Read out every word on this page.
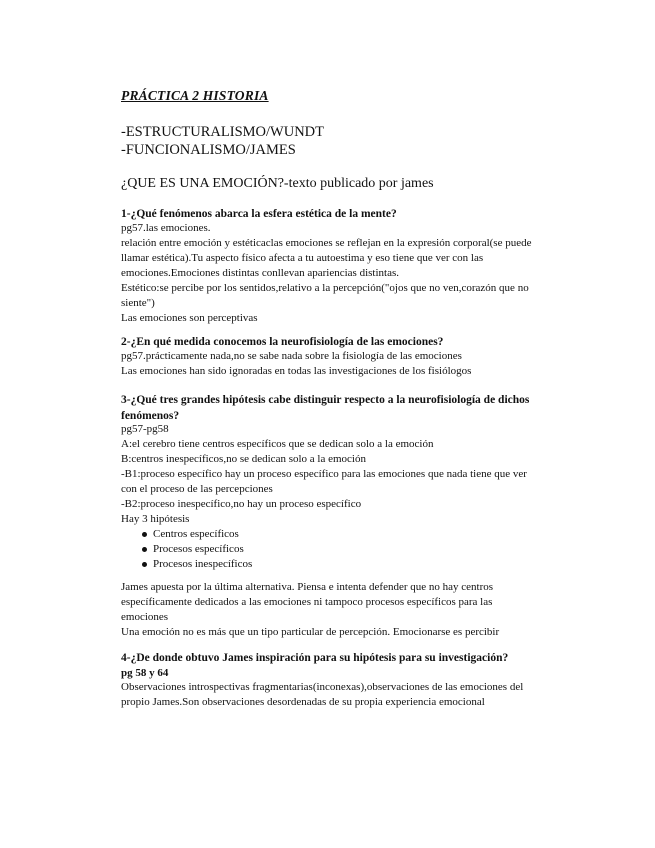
PRÁCTICA 2 HISTORIA
-ESTRUCTURALISMO/WUNDT
-FUNCIONALISMO/JAMES
¿QUE ES UNA EMOCIÓN?-texto publicado por james
1-¿Qué fenómenos abarca la esfera estética de la mente?
pg57.las emociones.
relación entre emoción y estéticaclas emociones se reflejan en la expresión corporal(se puede
llamar estética).Tu aspecto físico afecta a tu autoestima y eso tiene que ver con las
emociones.Emociones distintas conllevan apariencias distintas.
Estético:se percibe por los sentidos,relativo a la percepción("ojos que no ven,corazón que no
siente")
Las emociones son perceptivas
2-¿En qué medida conocemos la neurofisiología de las emociones?
pg57.prácticamente nada,no se sabe nada sobre la fisiología de las emociones
Las emociones han sido ignoradas en todas las investigaciones de los fisiólogos
3-¿Qué tres grandes hipótesis cabe distinguir respecto a la neurofisiología de dichos fenómenos?
pg57-pg58
A:el cerebro tiene centros específicos que se dedican solo a la emoción
B:centros inespecíficos,no se dedican solo a la emoción
-B1:proceso específico hay un proceso específico para las emociones que nada tiene que ver
con el proceso de las percepciones
-B2:proceso inespecífico,no hay un proceso específico
Hay 3 hipótesis
Centros específicos
Procesos específicos
Procesos inespecíficos
James apuesta por la última alternativa. Piensa e intenta defender que no hay centros
específicamente dedicados a las emociones ni tampoco procesos específicos para las
emociones
Una emoción no es más que un tipo particular de percepción. Emocionarse es percibir
4-¿De donde obtuvo James inspiración para su hipótesis para su investigación?
pg 58 y 64
Observaciones introspectivas fragmentarias(inconexas),observaciones de las emociones del
propio James.Son observaciones desordenadas de su propia experiencia emocional
